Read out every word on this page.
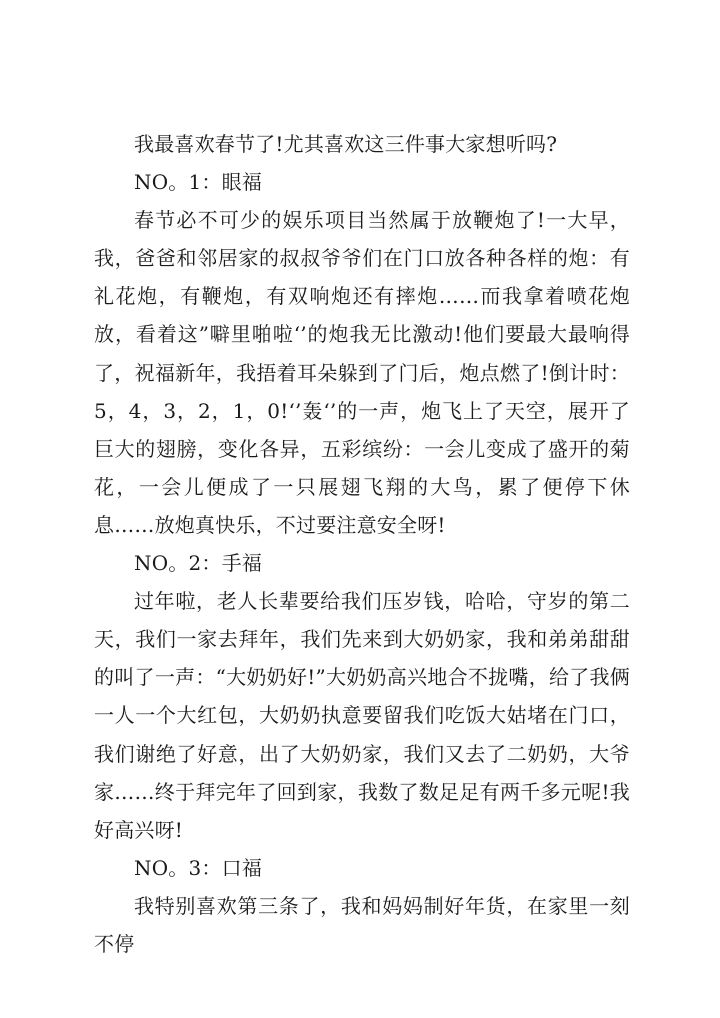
我最喜欢春节了!尤其喜欢这三件事大家想听吗?

NO。1：眼福

春节必不可少的娱乐项目当然属于放鞭炮了!一大早，我，爸爸和邻居家的叔叔爷爷们在门口放各种各样的炮：有礼花炮，有鞭炮，有双响炮还有摔炮……而我拿着喷花炮放，看着这”噼里啪啦‘’的炮我无比激动!他们要最大最响得了，祝福新年，我捂着耳朵躲到了门后，炮点燃了!倒计时：5，4，3，2，1，0!‘’轰‘’的一声，炮飞上了天空，展开了巨大的翅膀，变化各异，五彩缤纷：一会儿变成了盛开的菊花，一会儿便成了一只展翅飞翔的大鸟，累了便停下休息……放炮真快乐，不过要注意安全呀!

NO。2：手福

过年啦，老人长辈要给我们压岁钱，哈哈，守岁的第二天，我们一家去拜年，我们先来到大奶奶家，我和弟弟甜甜的叫了一声：“大奶奶好!”大奶奶高兴地合不拢嘴，给了我俩一人一个大红包，大奶奶执意要留我们吃饭大姑堵在门口，我们谢绝了好意，出了大奶奶家，我们又去了二奶奶，大爷家……终于拜完年了回到家，我数了数足足有两千多元呢!我好高兴呀!

NO。3：口福

我特别喜欢第三条了，我和妈妈制好年货，在家里一刻不停
